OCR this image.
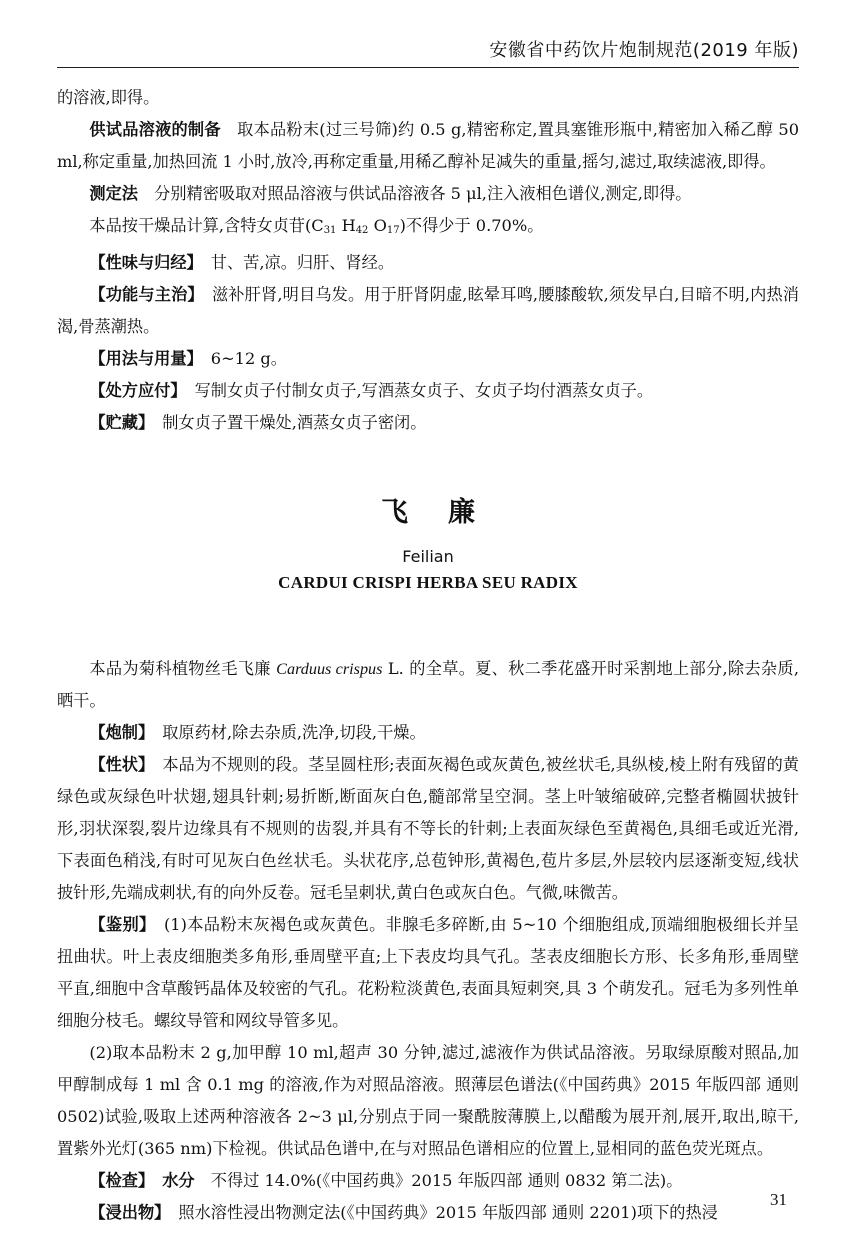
安徽省中药饮片炮制规范(2019 年版)

的溶液,即得。

供试品溶液的制备　取本品粉末(过三号筛)约 0.5 g,精密称定,置具塞锥形瓶中,精密加入稀乙醇 50 ml,称定重量,加热回流 1 小时,放冷,再称定重量,用稀乙醇补足减失的重量,摇匀,滤过,取续滤液,即得。

测定法　分别精密吸取对照品溶液与供试品溶液各 5 μl,注入液相色谱仪,测定,即得。

本品按干燥品计算,含特女贞苷($C_{31}$ $H_{42}$ $O_{17}$)不得少于 0.70%。

【性味与归经】　甘、苦,凉。归肝、肾经。

【功能与主治】　滋补肝肾,明目乌发。用于肝肾阴虚,眩晕耳鸣,腰膝酸软,须发早白,目暗不明,内热消渴,骨蒸潮热。

【用法与用量】　6~12 g。

【处方应付】　写制女贞子付制女贞子,写酒蒸女贞子、女贞子均付酒蒸女贞子。

【贮藏】　制女贞子置干燥处,酒蒸女贞子密闭。

飞廉

Feilian

CARDUI CRISPI HERBA SEU RADIX

本品为菊科植物丝毛飞廉 Carduus crispus L. 的全草。夏、秋二季花盛开时采割地上部分,除去杂质,晒干。

【炮制】　取原药材,除去杂质,洗净,切段,干燥。

【性状】　本品为不规则的段。茎呈圆柱形;表面灰褐色或灰黄色,被丝状毛,具纵棱,棱上附有残留的黄绿色或灰绿色叶状翅,翅具针刺;易折断,断面灰白色,髓部常呈空洞。茎上叶皱缩破碎,完整者椭圆状披针形,羽状深裂,裂片边缘具有不规则的齿裂,并具有不等长的针刺;上表面灰绿色至黄褐色,具细毛或近光滑,下表面色稍浅,有时可见灰白色丝状毛。头状花序,总苞钟形,黄褐色,苞片多层,外层较内层逐渐变短,线状披针形,先端成刺状,有的向外反卷。冠毛呈刺状,黄白色或灰白色。气微,味微苦。

【鉴别】　(1)本品粉末灰褐色或灰黄色。非腺毛多碎断,由 5~10 个细胞组成,顶端细胞极细长并呈扭曲状。叶上表皮细胞类多角形,垂周壁平直;上下表皮均具气孔。茎表皮细胞长方形、长多角形,垂周壁平直,细胞中含草酸钙晶体及较密的气孔。花粉粒淡黄色,表面具短刺突,具 3 个萌发孔。冠毛为多列性单细胞分枝毛。螺纹导管和网纹导管多见。

(2)取本品粉末 2 g,加甲醇 10 ml,超声 30 分钟,滤过,滤液作为供试品溶液。另取绿原酸对照品,加甲醇制成每 1 ml 含 0.1 mg 的溶液,作为对照品溶液。照薄层色谱法(《中国药典》2015 年版四部 通则 0502)试验,吸取上述两种溶液各 2~3 μl,分别点于同一聚酰胺薄膜上,以醋酸为展开剂,展开,取出,晾干,置紫外光灯(365 nm)下检视。供试品色谱中,在与对照品色谱相应的位置上,显相同的蓝色荧光斑点。

【检查】　水分　不得过 14.0%(《中国药典》2015 年版四部 通则 0832 第二法)。

【浸出物】　照水溶性浸出物测定法(《中国药典》2015 年版四部 通则 2201)项下的热浸

31
